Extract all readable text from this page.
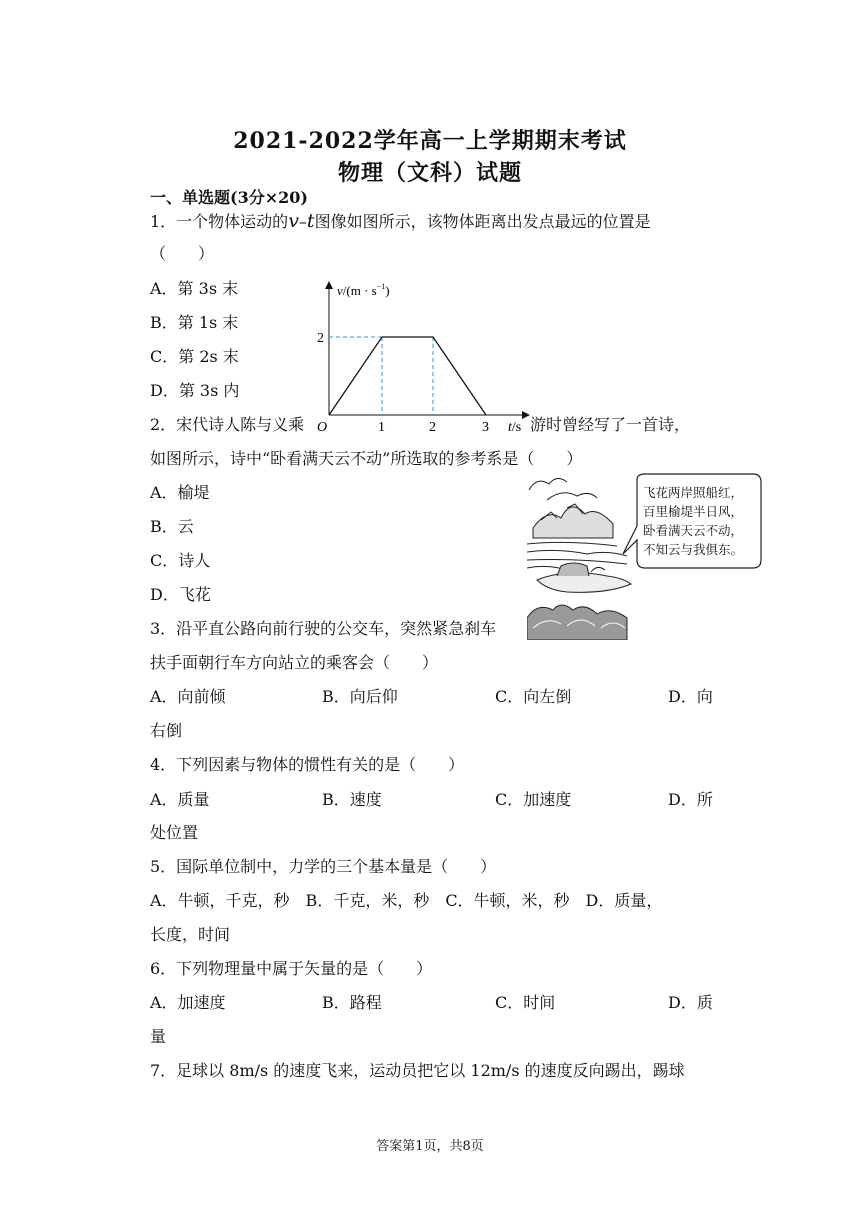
2021-2022学年高一上学期期末考试
物理（文科）试题
一、单选题(3分×20)
1．一个物体运动的v–t图像如图所示，该物体距离出发点最远的位置是
（　　）
A．第 3s 末
B．第 1s 末
C．第 2s 末
D．第 3s 内
$v/(m \cdot s^{-1})$
2
O	1	2	3 t/s
2．宋代诗人陈与义乘	游时曾经写了一首诗，
如图所示，诗中“卧看满天云不动”所选取的参考系是（　　）
A．榆堤
B．云
C．诗人
D．飞花
飞花两岸照船红，
百里榆堤半日风，
卧看满天云不动，
不知云与我俱东。
3．沿平直公路向前行驶的公交车，突然紧急刹车
扶手面朝行车方向站立的乘客会（　　）
A．向前倾	B．向后仰	C．向左倒	D．向
右倒
4．下列因素与物体的惯性有关的是（　　）
A．质量	B．速度	C．加速度	D．所
处位置
5．国际单位制中，力学的三个基本量是（　　）
A．牛顿，千克，秒　B．千克，米，秒　C．牛顿，米，秒　D．质量，
长度，时间
6．下列物理量中属于矢量的是（　　）
A．加速度	B．路程	C．时间	D．质
量
7．足球以 8m/s 的速度飞来，运动员把它以 12m/s 的速度反向踢出，踢球
答案第1页，共8页
